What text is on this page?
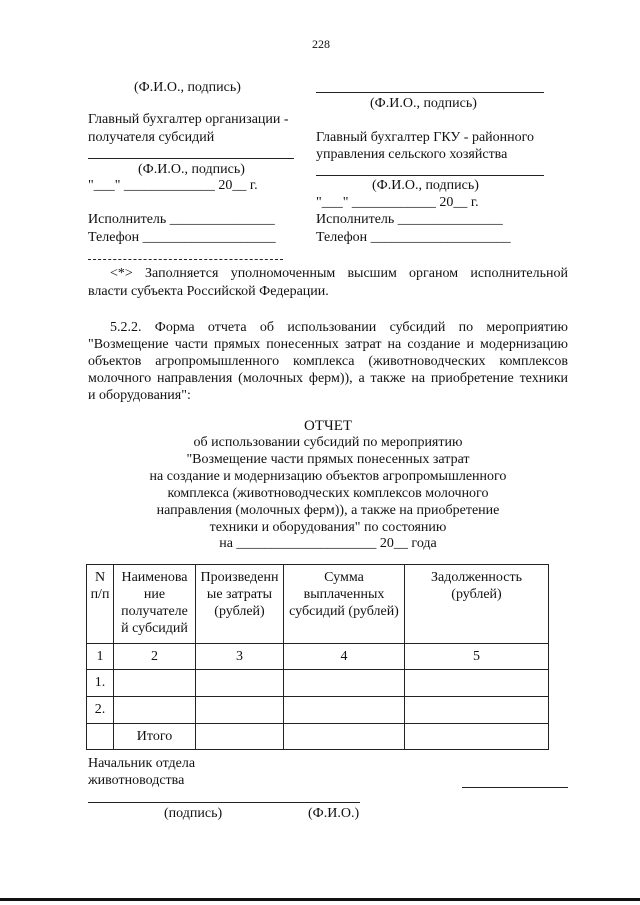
228
(Ф.И.О., подпись)
(Ф.И.О., подпись)
Главный бухгалтер организации -
получателя субсидий	Главный бухгалтер ГКУ - районного
управления сельского хозяйства
(Ф.И.О., подпись)
"___" _____________ 20__ г.	(Ф.И.О., подпись)
"___" ____________ 20__ г.
Исполнитель _______________	Исполнитель _______________
Телефон ___________________	Телефон ____________________
<*> Заполняется уполномоченным высшим органом исполнительной
власти субъекта Российской Федерации.
5.2.2. Форма отчета об использовании субсидий по мероприятию
"Возмещение части прямых понесенных затрат на создание и модернизацию
объектов агропромышленного комплекса (животноводческих комплексов
молочного направления (молочных ферм)), а также на приобретение техники
и оборудования":
ОТЧЕТ
об использовании субсидий по мероприятию
"Возмещение части прямых понесенных затрат
на создание и модернизацию объектов агропромышленного
комплекса (животноводческих комплексов молочного
направления (молочных ферм)), а также на приобретение
техники и оборудования" по состоянию
на ____________________ 20__ года
N п/п	Наименова ние получателе й субсидий	Произведенн ые затраты (рублей)	Сумма выплаченных субсидий (рублей)	Задолженность (рублей)
1	2	3	4	5
1.				
2.				
	Итого			
Начальник отдела
животноводства
(подпись)	(Ф.И.О.)
